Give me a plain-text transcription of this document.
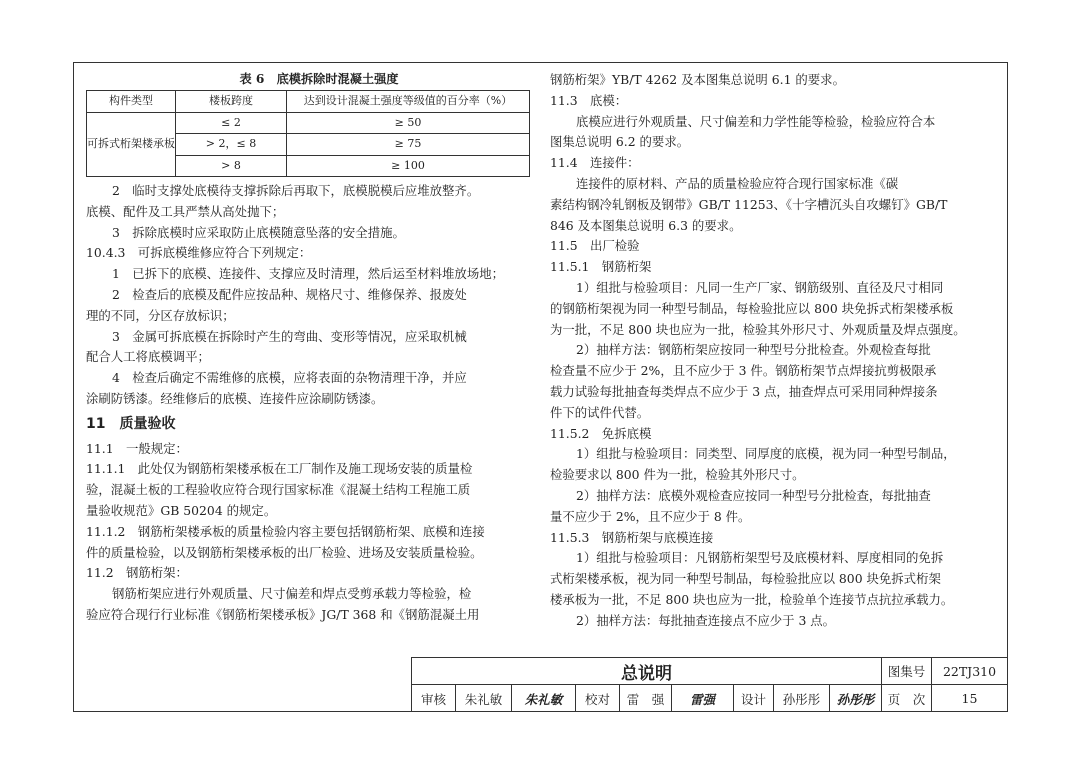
表 6　底模拆除时混凝土强度

构件类型	楼板跨度	达到设计混凝土强度等级值的百分率（%）
可拆式桁架楼承板	≤ 2	≥ 50
	> 2，≤ 8	≥ 75
	> 8	≥ 100

2　临时支撑处底模待支撑拆除后再取下，底模脱模后应堆放整齐。

底模、配件及工具严禁从高处抛下；

3　拆除底模时应采取防止底模随意坠落的安全措施。

10.4.3　可拆底模维修应符合下列规定：

1　已拆下的底模、连接件、支撑应及时清理，然后运至材料堆放场地；

2　检查后的底模及配件应按品种、规格尺寸、维修保养、报废处

理的不同，分区存放标识；

3　金属可拆底模在拆除时产生的弯曲、变形等情况，应采取机械

配合人工将底模调平；

4　检查后确定不需维修的底模，应将表面的杂物清理干净，并应

涂刷防锈漆。经维修后的底模、连接件应涂刷防锈漆。

11　质量验收

11.1　一般规定：

11.1.1　此处仅为钢筋桁架楼承板在工厂制作及施工现场安装的质量检

验，混凝土板的工程验收应符合现行国家标准《混凝土结构工程施工质

量验收规范》GB 50204 的规定。

11.1.2　钢筋桁架楼承板的质量检验内容主要包括钢筋桁架、底模和连接

件的质量检验，以及钢筋桁架楼承板的出厂检验、进场及安装质量检验。

11.2　钢筋桁架：

钢筋桁架应进行外观质量、尺寸偏差和焊点受剪承载力等检验，检

验应符合现行行业标准《钢筋桁架楼承板》JG/T 368 和《钢筋混凝土用

钢筋桁架》YB/T 4262 及本图集总说明 6.1 的要求。

11.3　底模：

底模应进行外观质量、尺寸偏差和力学性能等检验，检验应符合本

图集总说明 6.2 的要求。

11.4　连接件：

连接件的原材料、产品的质量检验应符合现行国家标准《碳

素结构钢冷轧钢板及钢带》GB/T 11253、《十字槽沉头自攻螺钉》GB/T

846 及本图集总说明 6.3 的要求。

11.5　出厂检验

11.5.1　钢筋桁架

1）组批与检验项目：凡同一生产厂家、钢筋级别、直径及尺寸相同

的钢筋桁架视为同一种型号制品，每检验批应以 800 块免拆式桁架楼承板

为一批，不足 800 块也应为一批，检验其外形尺寸、外观质量及焊点强度。

2）抽样方法：钢筋桁架应按同一种型号分批检查。外观检查每批

检查量不应少于 2%，且不应少于 3 件。钢筋桁架节点焊接抗剪极限承

载力试验每批抽查每类焊点不应少于 3 点，抽查焊点可采用同种焊接条

件下的试件代替。

11.5.2　免拆底模

1）组批与检验项目：同类型、同厚度的底模，视为同一种型号制品，

检验要求以 800 件为一批，检验其外形尺寸。

2）抽样方法：底模外观检查应按同一种型号分批检查，每批抽查

量不应少于 2%，且不应少于 8 件。

11.5.3　钢筋桁架与底模连接

1）组批与检验项目：凡钢筋桁架型号及底模材料、厚度相同的免拆

式桁架楼承板，视为同一种型号制品，每检验批应以 800 块免拆式桁架

楼承板为一批，不足 800 块也应为一批，检验单个连接节点抗拉承载力。

2）抽样方法：每批抽查连接点不应少于 3 点。

总说明	图集号	22TJ310
审核	朱礼敏	朱礼敏	校对	雷　强	雷强	设计	孙彤彤	孙彤彤	页　次	15
